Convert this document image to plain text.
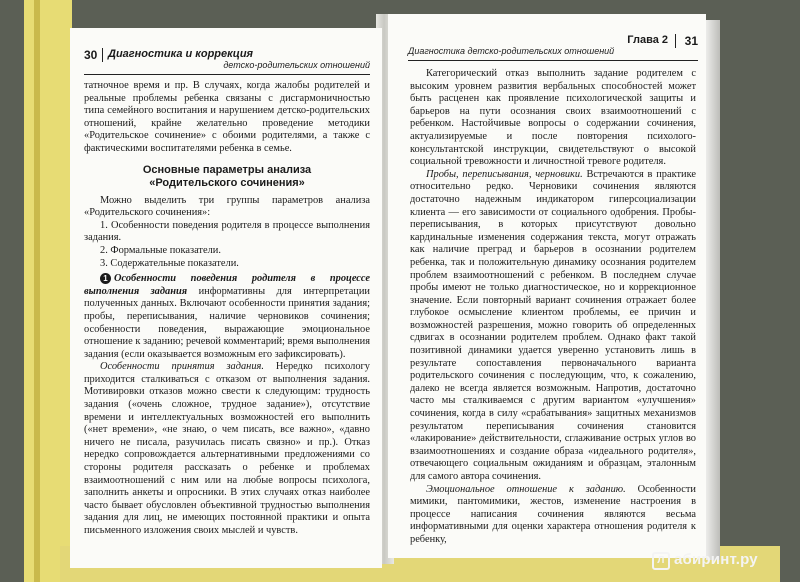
30 Диагностика и коррекция
детско-родительских отношений

татночное время и пр. В случаях, когда жалобы родителей и реальные проблемы ребенка связаны с дисгармоничностью типа семейного воспитания и нарушением детско-родительских отношений, крайне желательно проведение методики «Родительское сочинение» с обоими родителями, а также с фактическими воспитателями ребенка в семье.

Основные параметры анализа
«Родительского сочинения»

Можно выделить три группы параметров анализа «Родительского сочинения»:

1. Особенности поведения родителя в процессе выполнения задания.

2. Формальные показатели.

3. Содержательные показатели.

1 Особенности поведения родителя в процессе выполнения задания информативны для интерпретации полученных данных. Включают особенности принятия задания; пробы, переписывания, наличие черновиков сочинения; особенности поведения, выражающие эмоциональное отношение к заданию; речевой комментарий; время выполнения задания (если оказывается возможным его зафиксировать).

Особенности принятия задания. Нередко психологу приходится сталкиваться с отказом от выполнения задания. Мотивировки отказов можно свести к следующим: трудность задания («очень сложное, трудное задание»), отсутствие времени и интеллектуальных возможностей его выполнить («нет времени», «не знаю, о чем писать, все важно», «давно ничего не писала, разучилась писать связно» и пр.). Отказ нередко сопровождается альтернативными предложениями со стороны родителя рассказать о ребенке и проблемах взаимоотношений с ним или на любые вопросы психолога, заполнить анкеты и опросники. В этих случаях отказ наиболее часто бывает обусловлен объективной трудностью выполнения задания для лиц, не имеющих постоянной практики и опыта письменного изложения своих мыслей и чувств.

Диагностика детско-родительских отношений
Глава 2 31

Категорический отказ выполнить задание родителем с высоким уровнем развития вербальных способностей может быть расценен как проявление психологической защиты и барьеров на пути осознания своих взаимоотношений с ребенком. Настойчивые вопросы о содержании сочинения, актуализируемые и после повторения психолого-консультантской инструкции, свидетельствуют о высокой социальной тревожности и личностной тревоге родителя.

Пробы, переписывания, черновики. Встречаются в практике относительно редко. Черновики сочинения являются достаточно надежным индикатором гиперсоциализации клиента — его зависимости от социального одобрения. Пробы-переписывания, в которых присутствуют довольно кардинальные изменения содержания текста, могут отражать как наличие преград и барьеров в осознании родителем ребенка, так и положительную динамику осознания родителем проблем взаимоотношений с ребенком. В последнем случае пробы имеют не только диагностическое, но и коррекционное значение. Если повторный вариант сочинения отражает более глубокое осмысление клиентом проблемы, ее причин и возможностей разрешения, можно говорить об определенных сдвигах в осознании родителем проблем. Однако факт такой позитивной динамики удается уверенно установить лишь в результате сопоставления первоначального варианта родительского сочинения с последующим, что, к сожалению, далеко не всегда является возможным. Напротив, достаточно часто мы сталкиваемся с другим вариантом «улучшения» сочинения, когда в силу «срабатывания» защитных механизмов результатом переписывания сочинения становится «лакирование» действительности, сглаживание острых углов во взаимоотношениях и создание образа «идеального родителя», отвечающего социальным ожиданиям и образцам, эталонным для самого автора сочинения.

Эмоциональное отношение к заданию. Особенности мимики, пантомимики, жестов, изменение настроения в процессе написания сочинения являются весьма информативными для оценки характера отношения родителя к ребенку,

Л абиринт.ру
